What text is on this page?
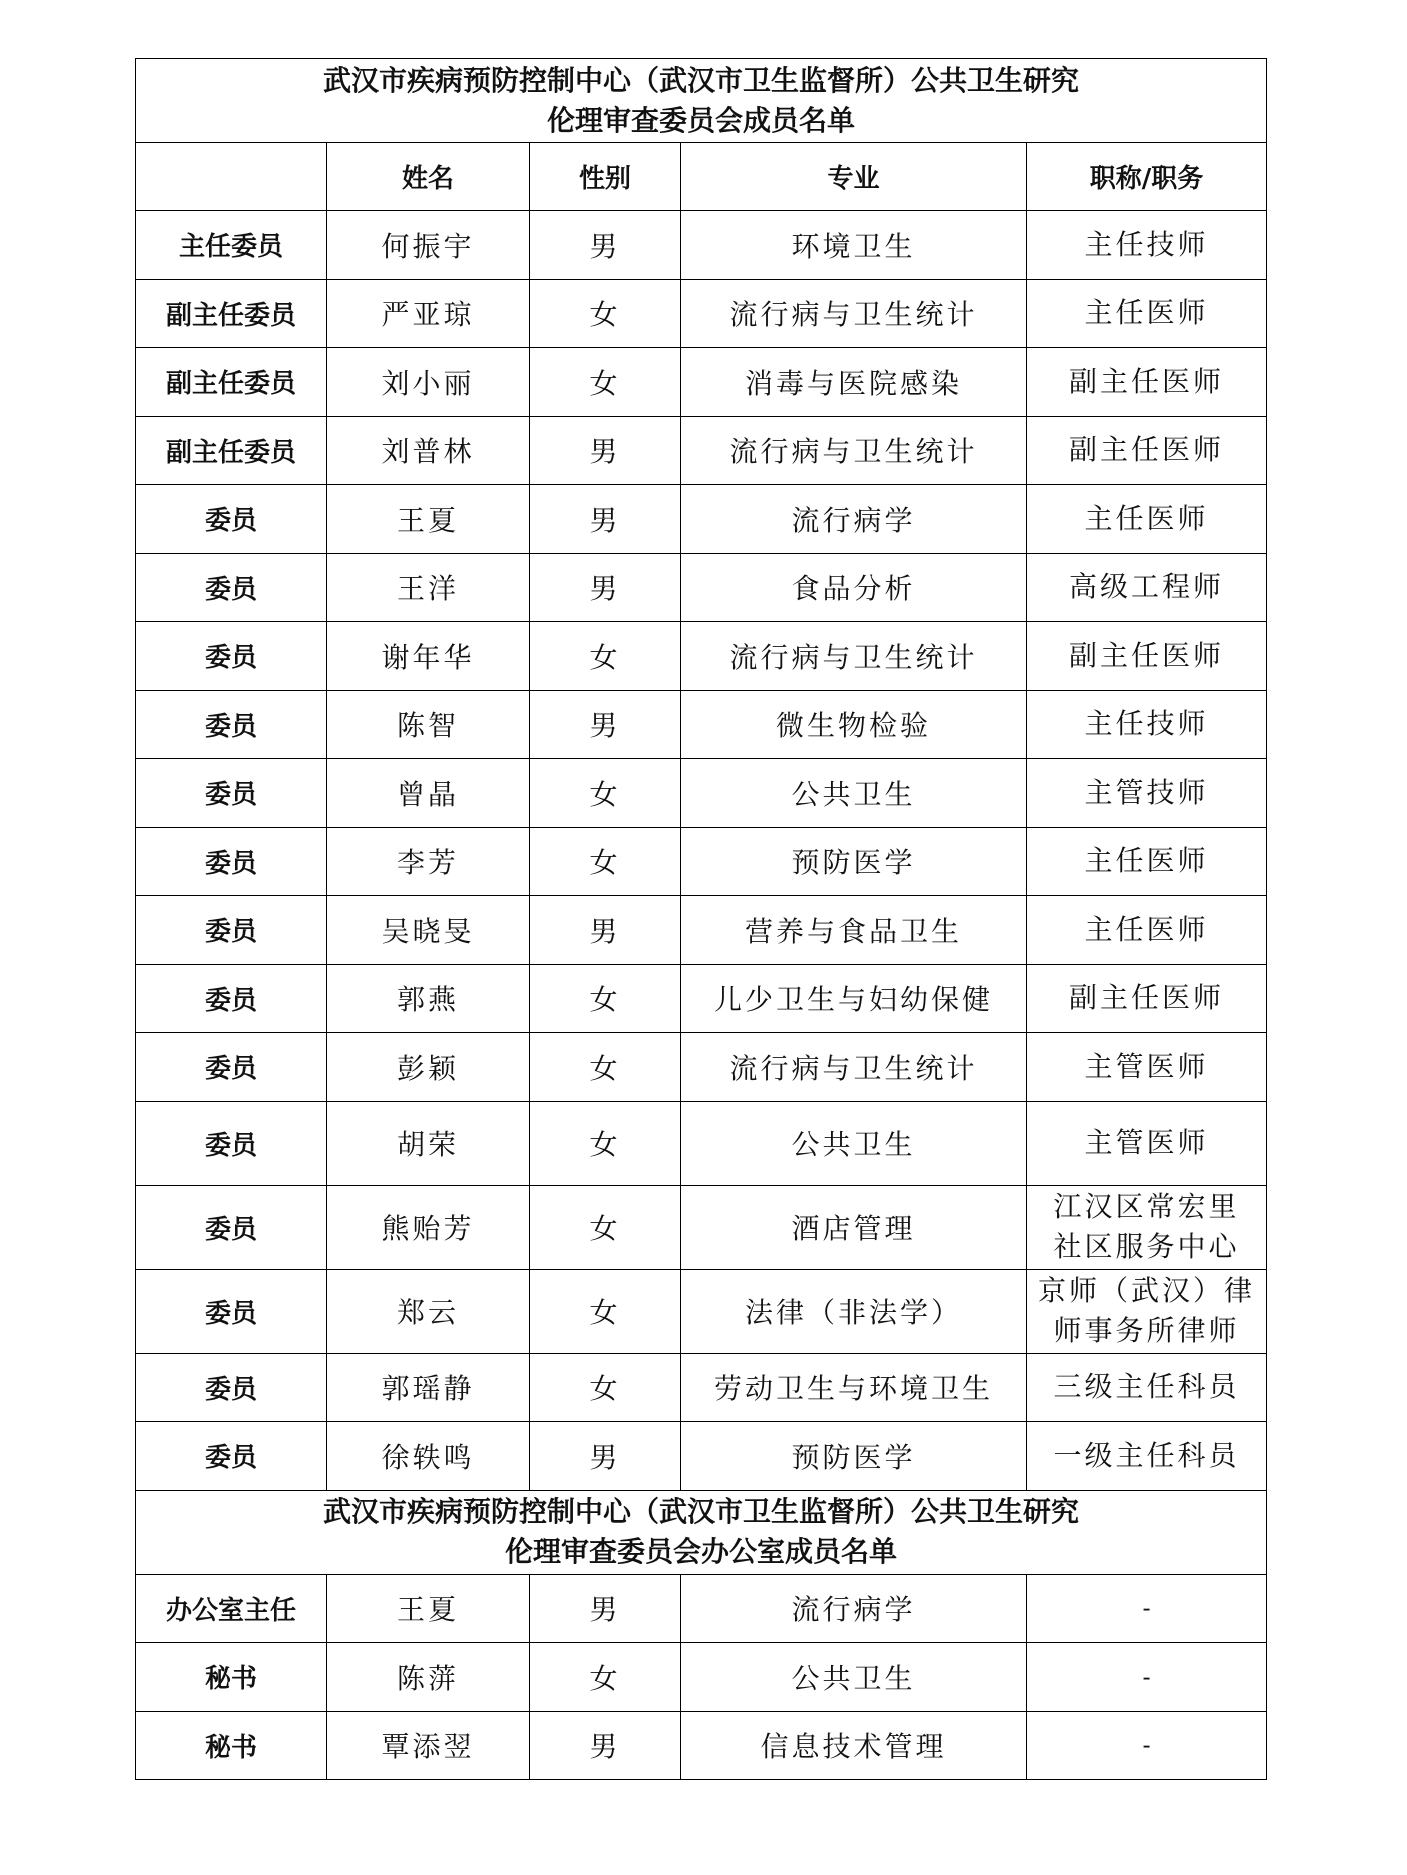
武汉市疾病预防控制中心（武汉市卫生监督所）公共卫生研究
伦理审查委员会成员名单				

	姓名	性别	专业	职称/职务
主任委员	何振宇	男	环境卫生	主任技师
副主任委员	严亚琼	女	流行病与卫生统计	主任医师
副主任委员	刘小丽	女	消毒与医院感染	副主任医师
副主任委员	刘普林	男	流行病与卫生统计	副主任医师
委员	王夏	男	流行病学	主任医师
委员	王洋	男	食品分析	高级工程师
委员	谢年华	女	流行病与卫生统计	副主任医师
委员	陈智	男	微生物检验	主任技师
委员	曾晶	女	公共卫生	主管技师
委员	李芳	女	预防医学	主任医师
委员	吴晓旻	男	营养与食品卫生	主任医师
委员	郭燕	女	儿少卫生与妇幼保健	副主任医师
委员	彭颖	女	流行病与卫生统计	主管医师
委员	胡荣	女	公共卫生	主管医师
委员	熊贻芳	女	酒店管理	江汉区常宏里
社区服务中心

委员	郑云	女	法律（非法学）	京师（武汉）律
师事务所律师

委员	郭瑶静	女	劳动卫生与环境卫生	三级主任科员
委员	徐轶鸣	男	预防医学	一级主任科员

武汉市疾病预防控制中心（武汉市卫生监督所）公共卫生研究
伦理审查委员会办公室成员名单				

办公室主任	王夏	男	流行病学	-
秘书	陈蓱	女	公共卫生	-
秘书	覃添翌	男	信息技术管理	-
